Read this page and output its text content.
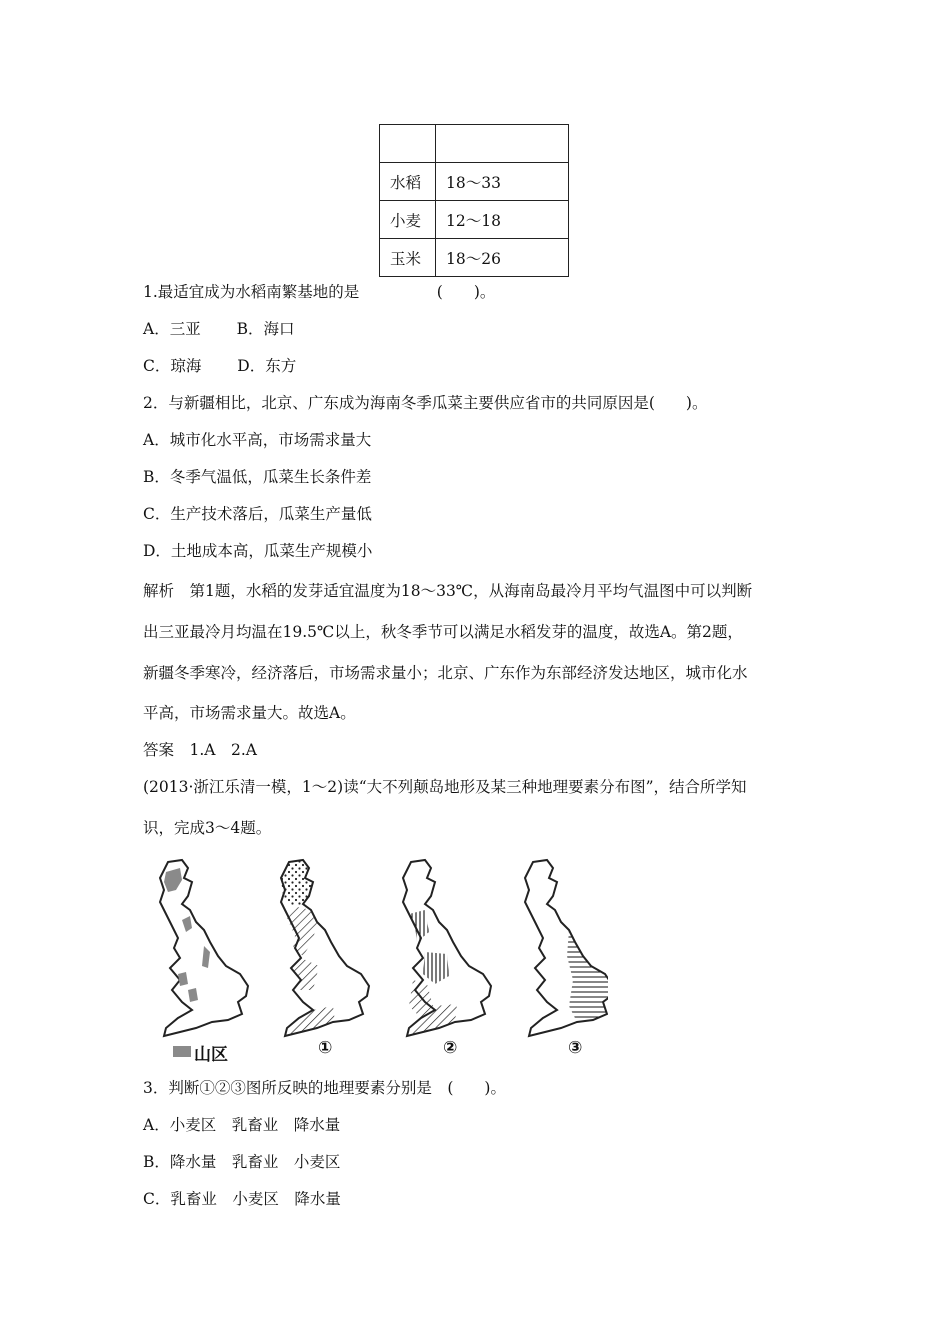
水稻	18～33
小麦	12～18
玉米	18～26
1.最适宜成为水稻南繁基地的是　　　　　(　　)。
A．三亚　　 B．海口
C．琼海　　 D．东方
2．与新疆相比，北京、广东成为海南冬季瓜菜主要供应省市的共同原因是(　　)。
A．城市化水平高，市场需求量大
B．冬季气温低，瓜菜生长条件差
C．生产技术落后，瓜菜生产量低
D．土地成本高，瓜菜生产规模小
解析　第1题，水稻的发芽适宜温度为18～33℃，从海南岛最冷月平均气温图中可以判断
出三亚最冷月均温在19.5℃以上，秋冬季节可以满足水稻发芽的温度，故选A。第2题，
新疆冬季寒冷，经济落后，市场需求量小；北京、广东作为东部经济发达地区，城市化水
平高，市场需求量大。故选A。
答案　1.A　2.A
(2013·浙江乐清一模，1～2)读“大不列颠岛地形及某三种地理要素分布图”，结合所学知
识，完成3～4题。
山区	①	②	③
3．判断①②③图所反映的地理要素分别是　(　　)。
A．小麦区　乳畜业　降水量
B．降水量　乳畜业　小麦区
C．乳畜业　小麦区　降水量
